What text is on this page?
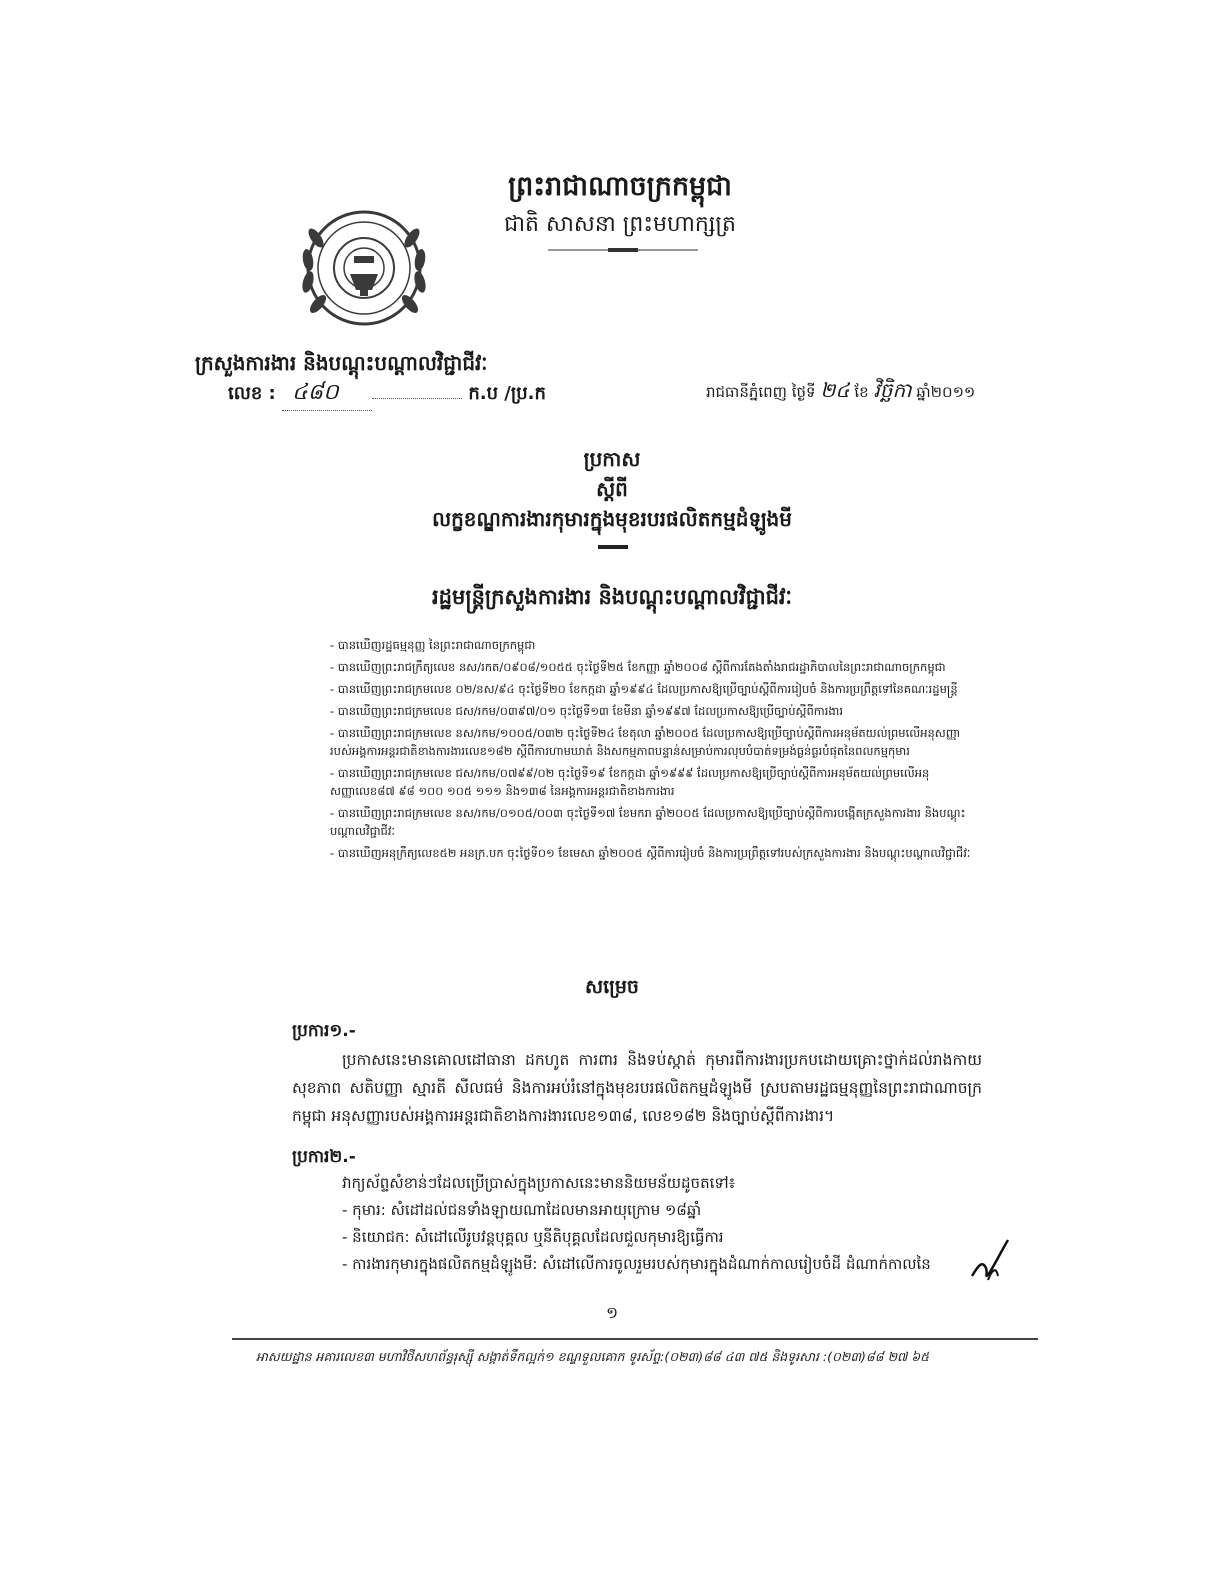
ព្រះរាជាណាចក្រកម្ពុជា
ជាតិ សាសនា ព្រះមហាក្សត្រ
ក្រសួងការងារ និងបណ្តុះបណ្តាលវិជ្ជាជីវៈ
លេខ : ៤៨០	ក.ប /ប្រ.ក	រាជធានីភ្នំពេញ ថ្ងៃទី ២៤ ខែ វិច្ឆិកា ឆ្នាំ២០១១
ប្រកាស
ស្តីពី
លក្ខខណ្ឌការងារកុមារក្នុងមុខរបរផលិតកម្មដំឡូងមី
រដ្ឋមន្ត្រីក្រសួងការងារ និងបណ្តុះបណ្តាលវិជ្ជាជីវៈ
- បានឃើញរដ្ឋធម្មនុញ្ញ នៃព្រះរាជាណាចក្រកម្ពុជា
- បានឃើញព្រះរាជក្រឹត្យលេខ នស/រកត/០៩០៨/១០៥៥ ចុះថ្ងៃទី២៥ ខែកញ្ញា ឆ្នាំ២០០៨ ស្តីពីការតែងតាំងរាជរដ្ឋាភិបាលនៃព្រះរាជាណាចក្រកម្ពុជា
- បានឃើញព្រះរាជក្រមលេខ ០២/នស/៩៤ ចុះថ្ងៃទី២០ ខែកក្កដា ឆ្នាំ១៩៩៤ ដែលប្រកាសឱ្យប្រើច្បាប់ស្តីពីការរៀបចំ និងការប្រព្រឹត្តទៅនៃគណៈរដ្ឋមន្ត្រី
- បានឃើញព្រះរាជក្រមលេខ ជស/រកម/០៣៩៧/០១ ចុះថ្ងៃទី១៣ ខែមីនា ឆ្នាំ១៩៩៧ ដែលប្រកាសឱ្យប្រើច្បាប់ស្តីពីការងារ
- បានឃើញព្រះរាជក្រមលេខ នស/រកម/១០០៥/០៣២ ចុះថ្ងៃទី២៤ ខែតុលា ឆ្នាំ២០០៥ ដែលប្រកាសឱ្យប្រើច្បាប់ស្តីពីការអនុម័តយល់ព្រមលើអនុសញ្ញារបស់អង្គការអន្តរជាតិខាងការងារលេខ១៨២ ស្តីពីការហាមឃាត់ និងសកម្មភាពបន្ទាន់សម្រាប់ការលុបបំបាត់ទម្រង់ធ្ងន់ធ្ងរបំផុតនៃពលកម្មកុមារ
- បានឃើញព្រះរាជក្រមលេខ ជស/រកម/០៧៩៩/០២ ចុះថ្ងៃទី១៩ ខែកក្កដា ឆ្នាំ១៩៩៩ ដែលប្រកាសឱ្យប្រើច្បាប់ស្តីពីការអនុម័តយល់ព្រមលើអនុសញ្ញាលេខ៨៧ ៩៨ ១០០ ១០៥ ១១១ និង១៣៨ នៃអង្គការអន្តរជាតិខាងការងារ
- បានឃើញព្រះរាជក្រមលេខ នស/រកម/០១០៥/០០៣ ចុះថ្ងៃទី១៧ ខែមករា ឆ្នាំ២០០៥ ដែលប្រកាសឱ្យប្រើច្បាប់ស្តីពីការបង្កើតក្រសួងការងារ និងបណ្តុះបណ្តាលវិជ្ជាជីវៈ
- បានឃើញអនុក្រឹត្យលេខ៥២ អនក្រ.បក ចុះថ្ងៃទី០១ ខែមេសា ឆ្នាំ២០០៥ ស្តីពីការរៀបចំ និងការប្រព្រឹត្តទៅរបស់ក្រសួងការងារ និងបណ្តុះបណ្តាលវិជ្ជាជីវៈ
សម្រេច
ប្រការ១.-
ប្រកាសនេះមានគោលដៅធានា ដកហូត ការពារ និងទប់ស្កាត់ កុមារពីការងារប្រកបដោយគ្រោះថ្នាក់ដល់រាងកាយ សុខភាព សតិបញ្ញា ស្មារតី សីលធម៌ និងការអប់រំនៅក្នុងមុខរបរផលិតកម្មដំឡូងមី ស្របតាមរដ្ឋធម្មនុញ្ញនៃព្រះរាជាណាចក្រកម្ពុជា អនុសញ្ញារបស់អង្គការអន្តរជាតិខាងការងារលេខ១៣៨, លេខ១៨២ និងច្បាប់ស្តីពីការងារ។
ប្រការ២.-
វាក្យស័ព្ទសំខាន់ៗដែលប្រើប្រាស់ក្នុងប្រកាសនេះមាននិយមន័យដូចតទៅ៖
- កុមារ: សំដៅដល់ជនទាំងឡាយណាដែលមានអាយុក្រោម ១៨ឆ្នាំ
- និយោជក: សំដៅលើរូបវន្តបុគ្គល ឬនីតិបុគ្គលដែលជួលកុមារឱ្យធ្វើការ
- ការងារកុមារក្នុងផលិតកម្មដំឡូងមី: សំដៅលើការចូលរួមរបស់កុមារក្នុងដំណាក់កាលរៀបចំដី ដំណាក់កាលនៃ
១
អាសយដ្ឋាន អគារលេខ៣ មហាវិថីសហព័ន្ធរុស្ស៊ី សង្កាត់ទឹកល្អក់១ ខណ្ឌទួលគោក ទូរស័ព្ទ:(០២៣)៨៨ ៤៣ ៧៥ និងទូរសារ :(០២៣)៨៨ ២៧ ៦៥
